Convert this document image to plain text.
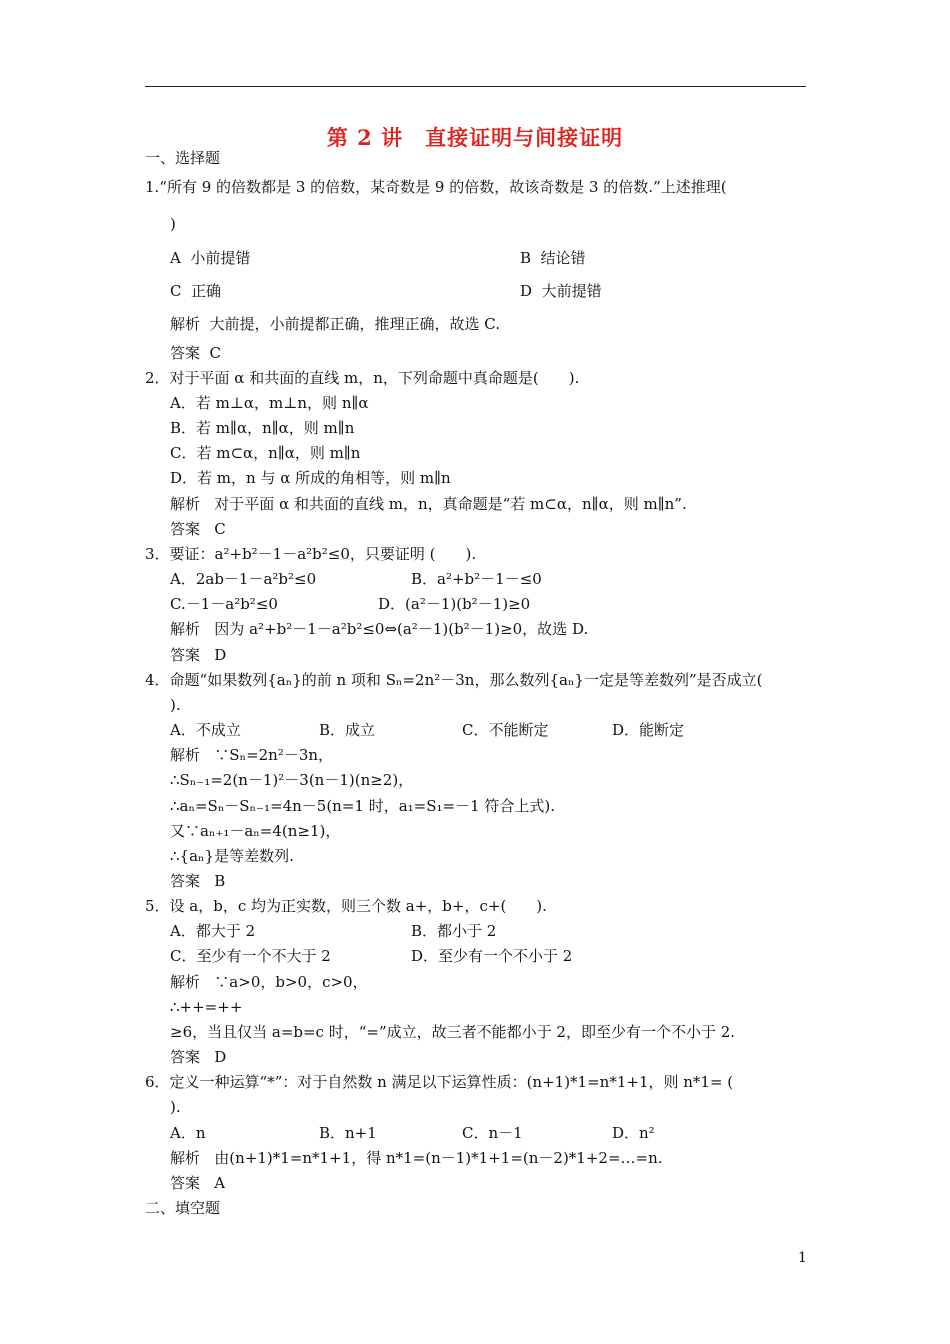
第 2 讲　直接证明与间接证明
一、选择题
1.“所有 9 的倍数都是 3 的倍数，某奇数是 9 的倍数，故该奇数是 3 的倍数.”上述推理(
)
A  小前提错	B  结论错
C  正确	D  大前提错
解析  大前提，小前提都正确，推理正确，故选 C.
答案  C
2．对于平面 α 和共面的直线 m，n，下列命题中真命题是(　　).
A．若 m⊥α，m⊥n，则 n∥α
B．若 m∥α，n∥α，则 m∥n
C．若 m⊂α，n∥α，则 m∥n
D．若 m，n 与 α 所成的角相等，则 m∥n
解析   对于平面 α 和共面的直线 m，n，真命题是“若 m⊂α，n∥α，则 m∥n”.
答案   C
3．要证：a²+b²－1－a²b²≤0，只要证明 (　　).
A．2ab－1－a²b²≤0	B．a²+b²－1－≤0
C.－1－a²b²≤0	D．(a²－1)(b²－1)≥0
解析   因为 a²+b²－1－a²b²≤0⇔(a²－1)(b²－1)≥0，故选 D.
答案   D
4．命题“如果数列{aₙ}的前 n 项和 Sₙ=2n²－3n，那么数列{aₙ}一定是等差数列”是否成立(
).
A．不成立	B．成立	C．不能断定	D．能断定
解析   ∵Sₙ=2n²－3n，
∴Sₙ₋₁=2(n－1)²－3(n－1)(n≥2)，
∴aₙ=Sₙ－Sₙ₋₁=4n－5(n=1 时，a₁=S₁=－1 符合上式).
又∵aₙ₊₁－aₙ=4(n≥1)，
∴{aₙ}是等差数列.
答案   B
5．设 a，b，c 均为正实数，则三个数 a+，b+，c+(　　).
A．都大于 2	B．都小于 2
C．至少有一个不大于 2	D．至少有一个不小于 2
解析   ∵a>0，b>0，c>0，
∴++=++
≥6，当且仅当 a=b=c 时，“=”成立，故三者不能都小于 2，即至少有一个不小于 2.
答案   D
6．定义一种运算“*”：对于自然数 n 满足以下运算性质：(n+1)*1=n*1+1，则 n*1= (
).
A．n	B．n+1	C．n－1	D．n²
解析   由(n+1)*1=n*1+1，得 n*1=(n－1)*1+1=(n－2)*1+2=…=n.
答案   A
二、填空题
1
